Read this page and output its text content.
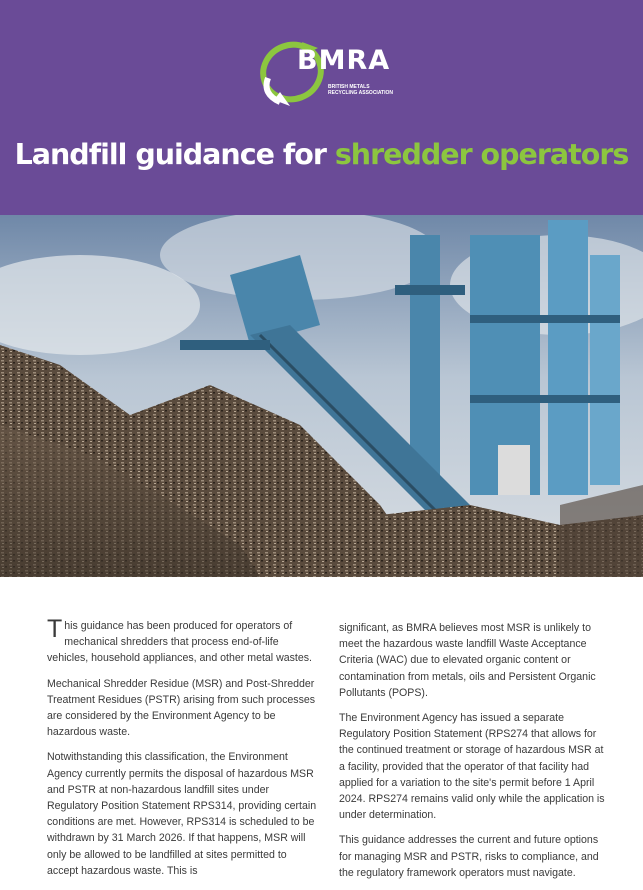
BMRA
BRITISH METALS RECYCLING ASSOCIATION
Landfill guidance for shredder operators

This guidance has been produced for operators of mechanical shredders that process end-of-life vehicles, household appliances, and other metal wastes.

Mechanical Shredder Residue (MSR) and Post-Shredder Treatment Residues (PSTR) arising from such processes are considered by the Environment Agency to be hazardous waste.

Notwithstanding this classification, the Environment Agency currently permits the disposal of hazardous MSR and PSTR at non-hazardous landfill sites under Regulatory Position Statement RPS314, providing certain conditions are met. However, RPS314 is scheduled to be withdrawn by 31 March 2026. If that happens, MSR will only be allowed to be landfilled at sites permitted to accept hazardous waste. This is

significant, as BMRA believes most MSR is unlikely to meet the hazardous waste landfill Waste Acceptance Criteria (WAC) due to elevated organic content or contamination from metals, oils and Persistent Organic Pollutants (POPS).

The Environment Agency has issued a separate Regulatory Position Statement (RPS274 that allows for the continued treatment or storage of hazardous MSR at a facility, provided that the operator of that facility had applied for a variation to the site's permit before 1 April 2024. RPS274 remains valid only while the application is under determination.

This guidance addresses the current and future options for managing MSR and PSTR, risks to compliance, and the regulatory framework operators must navigate.
